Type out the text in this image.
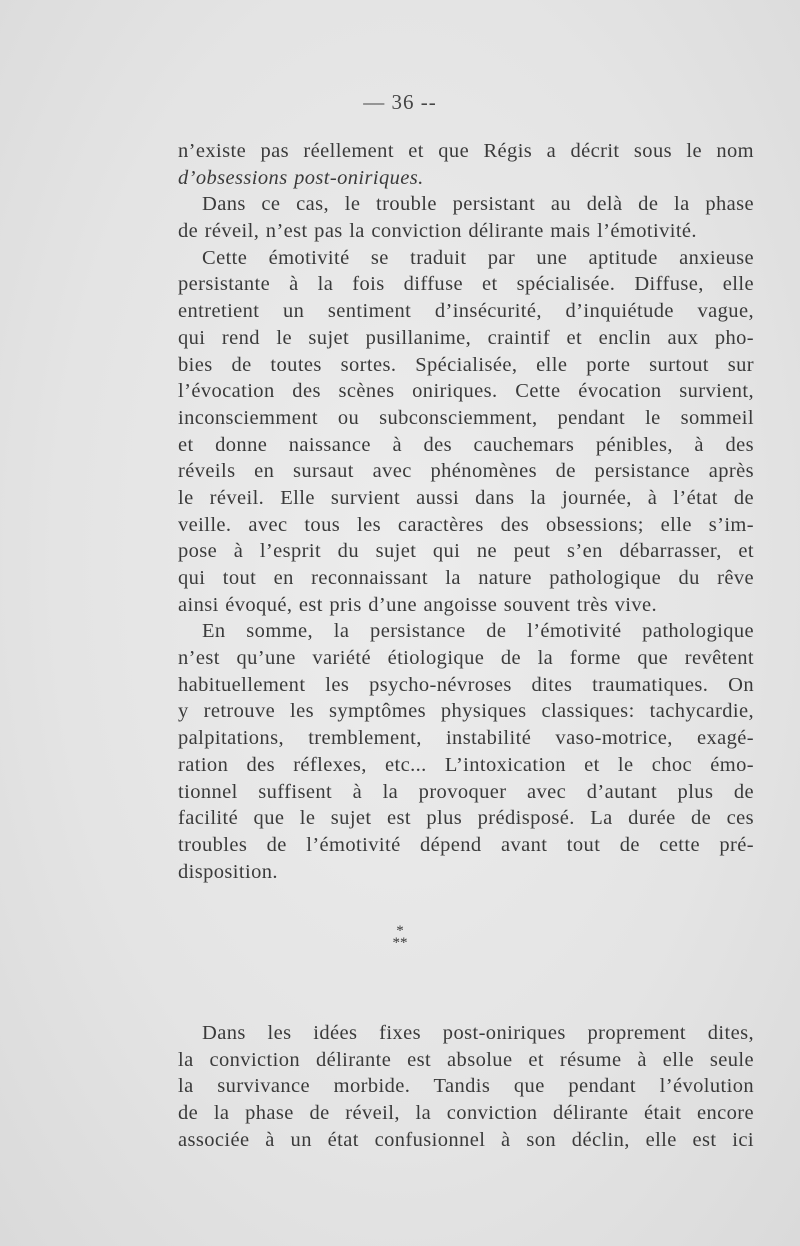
— 36 --
n’existe pas réellement et que Régis a décrit sous le nom
d’obsessions post-oniriques.
Dans ce cas, le trouble persistant au delà de la phase
de réveil, n’est pas la conviction délirante mais l’émotivité.
Cette émotivité se traduit par une aptitude anxieuse
persistante à la fois diffuse et spécialisée. Diffuse, elle
entretient un sentiment d’insécurité, d’inquiétude vague,
qui rend le sujet pusillanime, craintif et enclin aux pho-
bies de toutes sortes. Spécialisée, elle porte surtout sur
l’évocation des scènes oniriques. Cette évocation survient,
inconsciemment ou subconsciemment, pendant le sommeil
et donne naissance à des cauchemars pénibles, à des
réveils en sursaut avec phénomènes de persistance après
le réveil. Elle survient aussi dans la journée, à l’état de
veille. avec tous les caractères des obsessions; elle s’im-
pose à l’esprit du sujet qui ne peut s’en débarrasser, et
qui tout en reconnaissant la nature pathologique du rêve
ainsi évoqué, est pris d’une angoisse souvent très vive.
En somme, la persistance de l’émotivité pathologique
n’est qu’une variété étiologique de la forme que revêtent
habituellement les psycho-névroses dites traumatiques. On
y retrouve les symptômes physiques classiques: tachycardie,
palpitations, tremblement, instabilité vaso-motrice, exagé-
ration des réflexes, etc... L’intoxication et le choc émo-
tionnel suffisent à la provoquer avec d’autant plus de
facilité que le sujet est plus prédisposé. La durée de ces
troubles de l’émotivité dépend avant tout de cette pré-
disposition.
*
**
Dans les idées fixes post-oniriques proprement dites,
la conviction délirante est absolue et résume à elle seule
la survivance morbide. Tandis que pendant l’évolution
de la phase de réveil, la conviction délirante était encore
associée à un état confusionnel à son déclin, elle est ici
